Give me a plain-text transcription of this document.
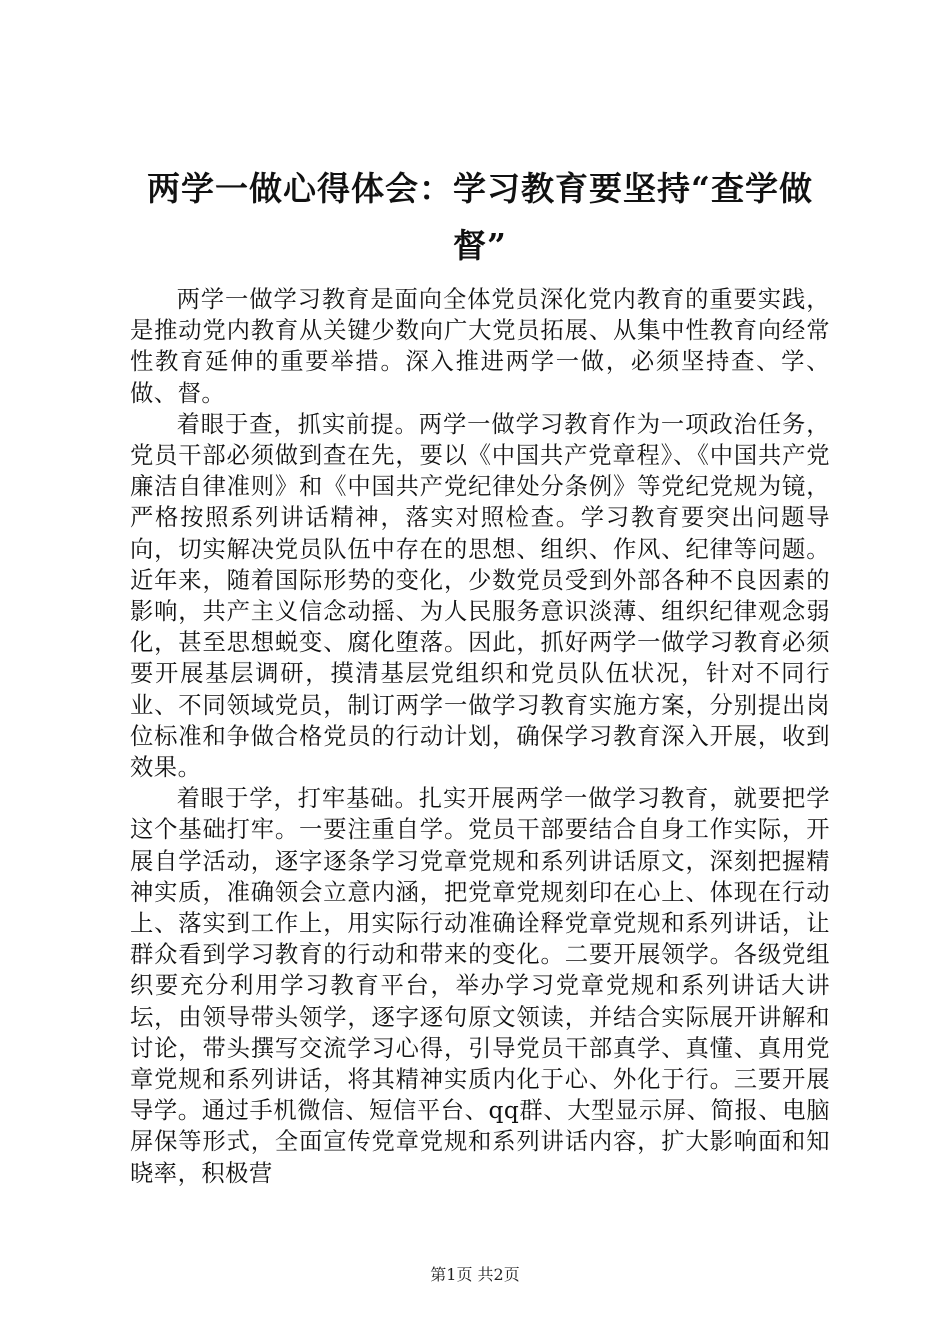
两学一做心得体会：学习教育要坚持“查学做督”

两学一做学习教育是面向全体党员深化党内教育的重要实践，是推动党内教育从关键少数向广大党员拓展、从集中性教育向经常性教育延伸的重要举措。深入推进两学一做，必须坚持查、学、做、督。

着眼于查，抓实前提。两学一做学习教育作为一项政治任务，党员干部必须做到查在先，要以《中国共产党章程》、《中国共产党廉洁自律准则》和《中国共产党纪律处分条例》等党纪党规为镜，严格按照系列讲话精神，落实对照检查。学习教育要突出问题导向，切实解决党员队伍中存在的思想、组织、作风、纪律等问题。近年来，随着国际形势的变化，少数党员受到外部各种不良因素的影响，共产主义信念动摇、为人民服务意识淡薄、组织纪律观念弱化，甚至思想蜕变、腐化堕落。因此，抓好两学一做学习教育必须要开展基层调研，摸清基层党组织和党员队伍状况，针对不同行业、不同领域党员，制订两学一做学习教育实施方案，分别提出岗位标准和争做合格党员的行动计划，确保学习教育深入开展，收到效果。

着眼于学，打牢基础。扎实开展两学一做学习教育，就要把学这个基础打牢。一要注重自学。党员干部要结合自身工作实际，开展自学活动，逐字逐条学习党章党规和系列讲话原文，深刻把握精神实质，准确领会立意内涵，把党章党规刻印在心上、体现在行动上、落实到工作上，用实际行动准确诠释党章党规和系列讲话，让群众看到学习教育的行动和带来的变化。二要开展领学。各级党组织要充分利用学习教育平台，举办学习党章党规和系列讲话大讲坛，由领导带头领学，逐字逐句原文领读，并结合实际展开讲解和讨论，带头撰写交流学习心得，引导党员干部真学、真懂、真用党章党规和系列讲话，将其精神实质内化于心、外化于行。三要开展导学。通过手机微信、短信平台、qq群、大型显示屏、简报、电脑屏保等形式，全面宣传党章党规和系列讲话内容，扩大影响面和知晓率，积极营

第1页 共2页
